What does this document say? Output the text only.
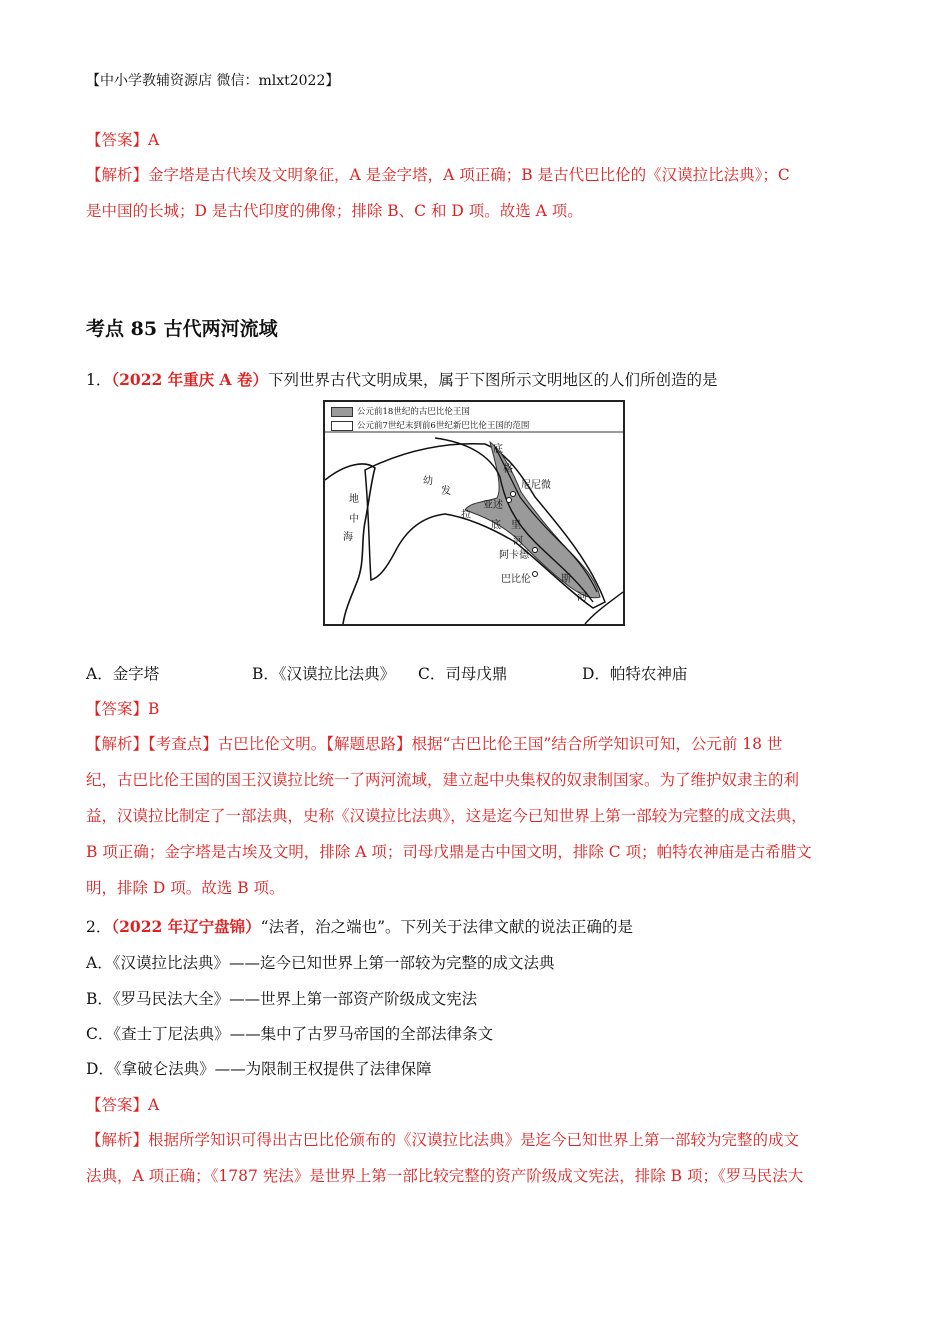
【中小学教辅资源店 微信：mlxt2022】
【答案】A
【解析】金字塔是古代埃及文明象征，A 是金字塔，A 项正确；B 是古代巴比伦的《汉谟拉比法典》；C
是中国的长城；D 是古代印度的佛像；排除 B、C 和 D 项。故选 A 项。
考点 85 古代两河流域
1．（2022 年重庆 A 卷）下列世界古代文明成果，属于下图所示文明地区的人们所创造的是
公元前18世纪的古巴比伦王国
公元前7世纪末到前6世纪新巴比伦王国的范围
底
格
尼尼微
幼
发
亚述
拉
底 里
河
阿卡德
巴比伦	斯
河
地
中
海
A．金字塔	B．《汉谟拉比法典》 C．司母戊鼎	D．帕特农神庙
【答案】B
【解析】【考查点】古巴比伦文明。【解题思路】根据“古巴比伦王国”结合所学知识可知，公元前 18 世
纪，古巴比伦王国的国王汉谟拉比统一了两河流域，建立起中央集权的奴隶制国家。为了维护奴隶主的利
益，汉谟拉比制定了一部法典，史称《汉谟拉比法典》，这是迄今已知世界上第一部较为完整的成文法典，
B 项正确；金字塔是古埃及文明，排除 A 项；司母戊鼎是古中国文明，排除 C 项；帕特农神庙是古希腊文
明，排除 D 项。故选 B 项。
2．（2022 年辽宁盘锦）“法者，治之端也”。下列关于法律文献的说法正确的是
A．《汉谟拉比法典》——迄今已知世界上第一部较为完整的成文法典
B．《罗马民法大全》——世界上第一部资产阶级成文宪法
C．《查士丁尼法典》——集中了古罗马帝国的全部法律条文
D．《拿破仑法典》——为限制王权提供了法律保障
【答案】A
【解析】根据所学知识可得出古巴比伦颁布的《汉谟拉比法典》是迄今已知世界上第一部较为完整的成文
法典，A 项正确；《1787 宪法》是世界上第一部比较完整的资产阶级成文宪法，排除 B 项；《罗马民法大
